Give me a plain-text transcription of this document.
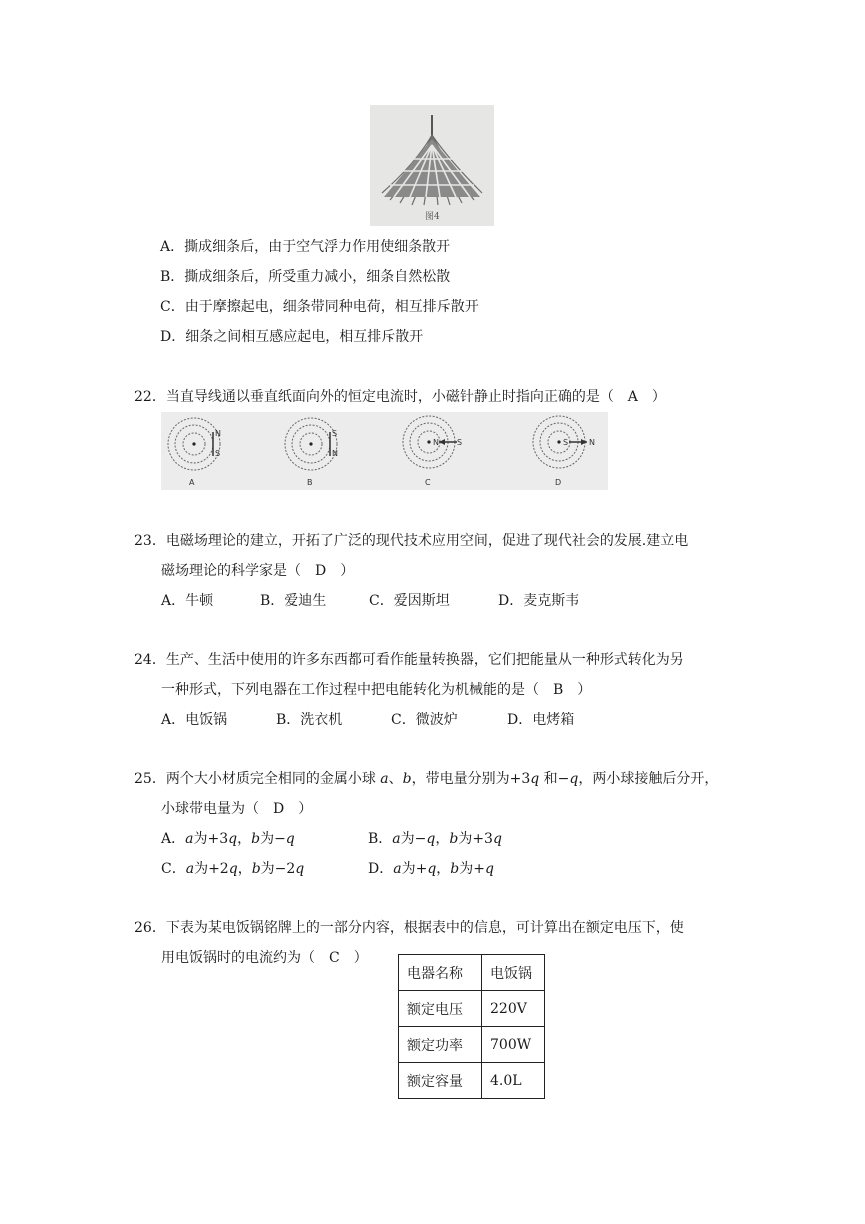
图4
A．撕成细条后，由于空气浮力作用使细条散开
B．撕成细条后，所受重力减小，细条自然松散
C．由于摩擦起电，细条带同种电荷，相互排斥散开
D．细条之间相互感应起电，相互排斥散开
22．当直导线通以垂直纸面向外的恒定电流时，小磁针静止时指向正确的是（　A　）
N
S
A
S
N
B
N S
C
S	N
D
23．电磁场理论的建立，开拓了广泛的现代技术应用空间，促进了现代社会的发展.建立电
磁场理论的科学家是（　D　）
A．牛顿	B．爱迪生	C．爱因斯坦	D．麦克斯韦
24．生产、生活中使用的许多东西都可看作能量转换器，它们把能量从一种形式转化为另
一种形式，下列电器在工作过程中把电能转化为机械能的是（　B　）
A．电饭锅	B．洗衣机	C．微波炉	D．电烤箱
25．两个大小材质完全相同的金属小球 a、b，带电量分别为+3q 和−q，两小球接触后分开，
小球带电量为（　D　）
A．a为+3q，b为−q	B．a为−q，b为+3q
C．a为+2q，b为−2q	D．a为+q，b为+q
26．下表为某电饭锅铭牌上的一部分内容，根据表中的信息，可计算出在额定电压下，使
用电饭锅时的电流约为（　C　）
电器名称	电饭锅
额定电压	220V
额定功率	700W
额定容量	4.0L
